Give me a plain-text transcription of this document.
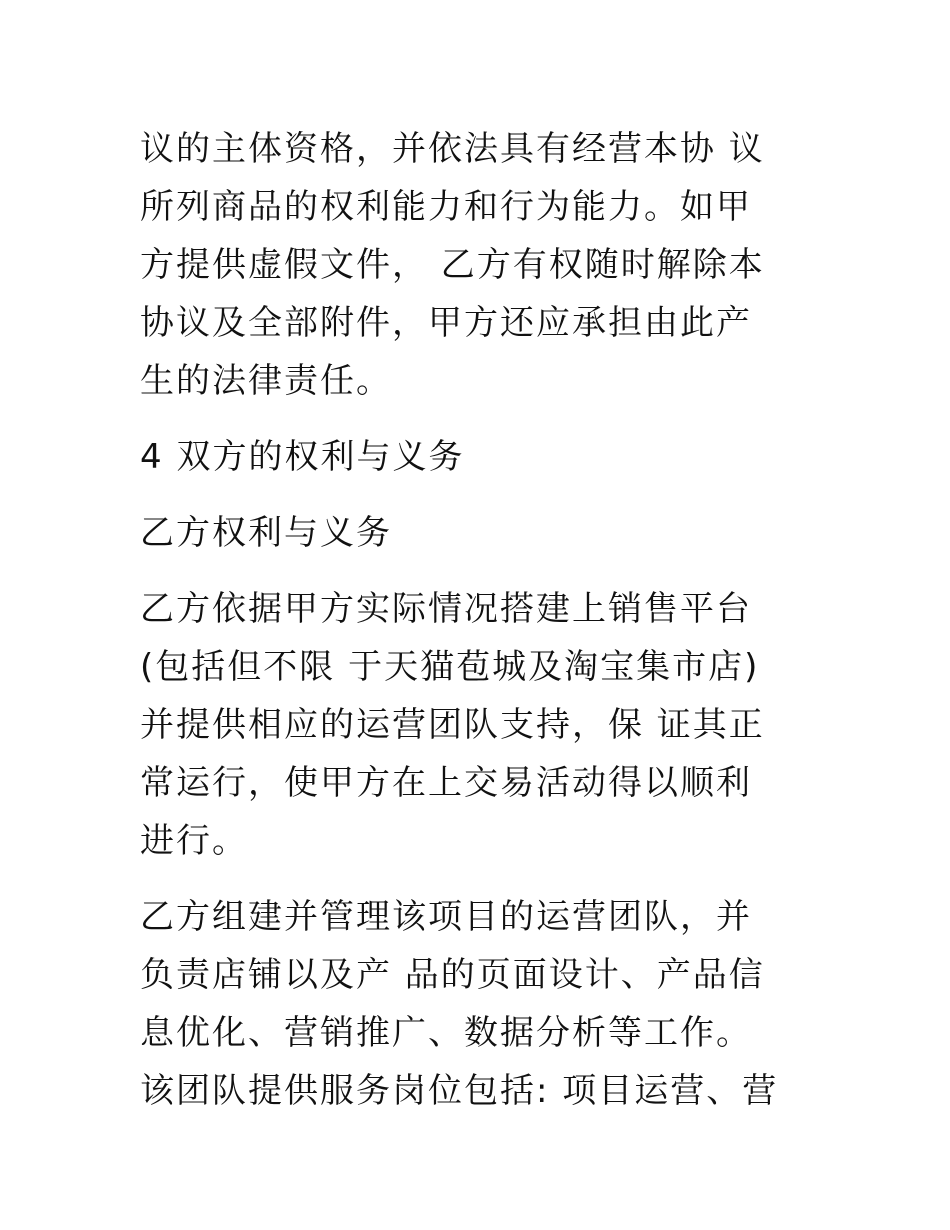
议的主体资格，并依法具有经营本协 议
所列商品的权利能力和行为能力。如甲
方提供虚假文件， 乙方有权随时解除本
协议及全部附件，甲方还应承担由此产
生的法律责任。
4 双方的权利与义务
乙方权利与义务
乙方依据甲方实际情况搭建上销售平台
(包括但不限 于天猫苞城及淘宝集市店)
并提供相应的运营团队支持，保 证其正
常运行，使甲方在上交易活动得以顺利
进行。
乙方组建并管理该项目的运营团队，并
负责店铺以及产 品的页面设计、产品信
息优化、营销推广、数据分析等工作。
该团队提供服务岗位包括: 项目运营、营
